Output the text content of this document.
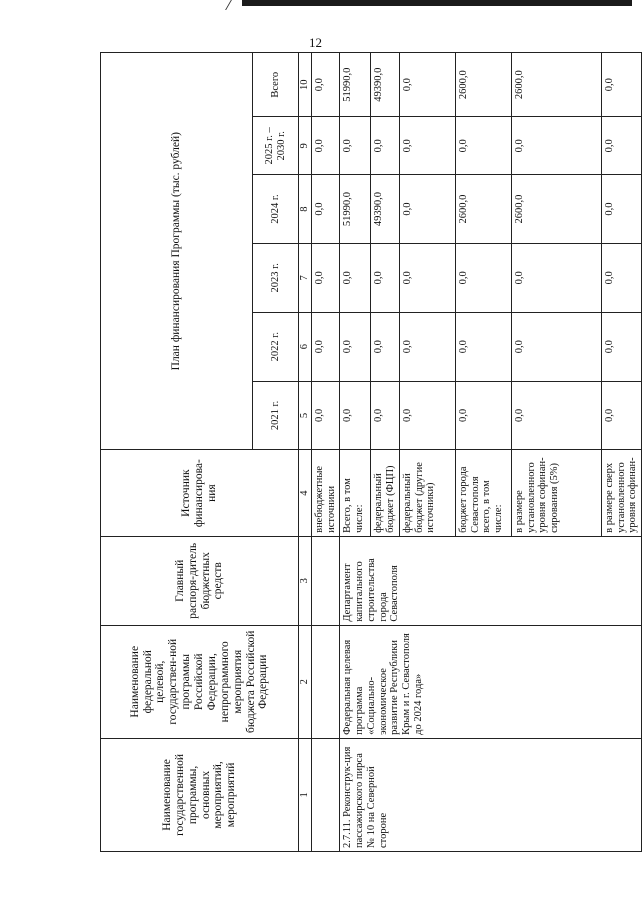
12
Наименование государственной программы, основных мероприятий, мероприятий	Наименование федеральной целевой, государствен-ной программы Российской Федерации, непрограммного мероприятия бюджета Российской Федерации	Главный распоря-дитель бюджетных средств	Источник финансирова-ния	План финансирования Программы (тыс. рублей)					
				2021 г.	2022 г.	2023 г.	2024 г.	2025 г. – 2030 г.	Всего
1	2	3	4	5	6	7	8	9	10
			внебюджетные источники	0,0	0,0	0,0	0,0	0,0	0,0
2.7.11. Реконструк-ция пассажирского пирса № 10 на Северной стороне	Федеральная целевая программа «Социально-экономическое развитие Республики Крым и г. Севастополя до 2024 года»	Департамент капитального строительства города Севастополя	Всего, в том числе:	0,0	0,0	0,0	51990,0	0,0	51990,0
			федеральный бюджет (ФЦП)	0,0	0,0	0,0	49390,0	0,0	49390,0
			федеральный бюджет (другие источники)	0,0	0,0	0,0	0,0	0,0	0,0
			бюджет города Севастополя всего, в том числе:	0,0	0,0	0,0	2600,0	0,0	2600,0
			в размере установленного уровня софинан-сирования (5%)	0,0	0,0	0,0	2600,0	0,0	2600,0
			в размере сверх установленного уровня софинан-	0,0	0,0	0,0	0,0	0,0	0,0
